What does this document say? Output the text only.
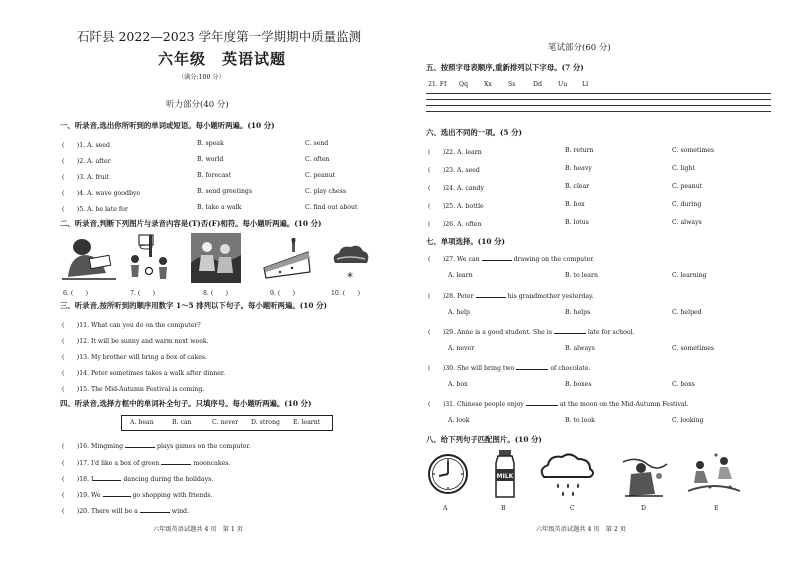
石阡县 2022—2023 学年度第一学期期中质量监测
六年级　英语试题
（满分:100 分）
听力部分(40 分)
一、听录音,选出你所听到的单词或短语。每小题听两遍。(10 分)
(　　)1. A. seed	B. speak	C. send
(　　)2. A. after	B. world	C. often
(　　)3. A. fruit	B. forecast	C. peanut
(　　)4. A. wave goodbye	B. send greetings	C. play chess
(　　)5. A. be late for	B. take a walk	C. find out about
二、听录音,判断下列图片与录音内容是(T)否(F)相符。每小题听两遍。(10 分)
*
6. (　　)	7. (　　)	8. (　　)	9. (　　)	10. (　　)
三、听录音,按所听到的顺序用数字 1～5 排列以下句子。每小题听两遍。(10 分)
(　　)11. What can you do on the computer?
(　　)12. It will be sunny and warm next week.
(　　)13. My brother will bring a box of cakes.
(　　)14. Peter sometimes takes a walk after dinner.
(　　)15. The Mid-Autumn Festival is coming.
四、听录音,选择方框中的单词补全句子。只填序号。每小题听两遍。(10 分)
A. bean	B. can	C. never D. strong E. learnt
(　　)16. Mingming	plays games on the computer.
(　　)17. I'd like a box of green	mooncakes.
(　　)18. I	dancing during the holidays.
(　　)19. We	go shopping with friends.
(　　)20. There will be a	wind.
六年级英语试题共 4 页　第 1 页
笔试部分(60 分)
五、按照字母表顺序,重新排列以下字母。(7 分)
21. Ff Qq	Xx	Ss	Dd	Uu Ll
六、选出不同的一项。(5 分)
(　　)22. A. learn	B. return	C. sometimes
(　　)23. A. seed	B. heavy	C. light
(　　)24. A. candy	B. clear	C. peanut
(　　)25. A. bottle	B. box	C. during
(　　)26. A. often	B. lotus	C. always
七、单项选择。(10 分)
(　　)27. We can	drawing on the computer.
A. learn	B. to learn	C. learning
(　　)28. Peter	his grandmother yesterday.
A. help	B. helps	C. helped
(　　)29. Anne is a good student. She is	late for school.
A. never	B. always	C. sometimes
(　　)30. She will bring two	of chocolate.
A. box	B. boxes	C. boxs
(　　)31. Chinese people enjoy	at the moon on the Mid-Autumn Festival.
A. look	B. to look	C. looking
八、给下列句子匹配图片。(10 分)
MILK
A	B	C	D	E
六年级英语试题共 4 页　第 2 页
